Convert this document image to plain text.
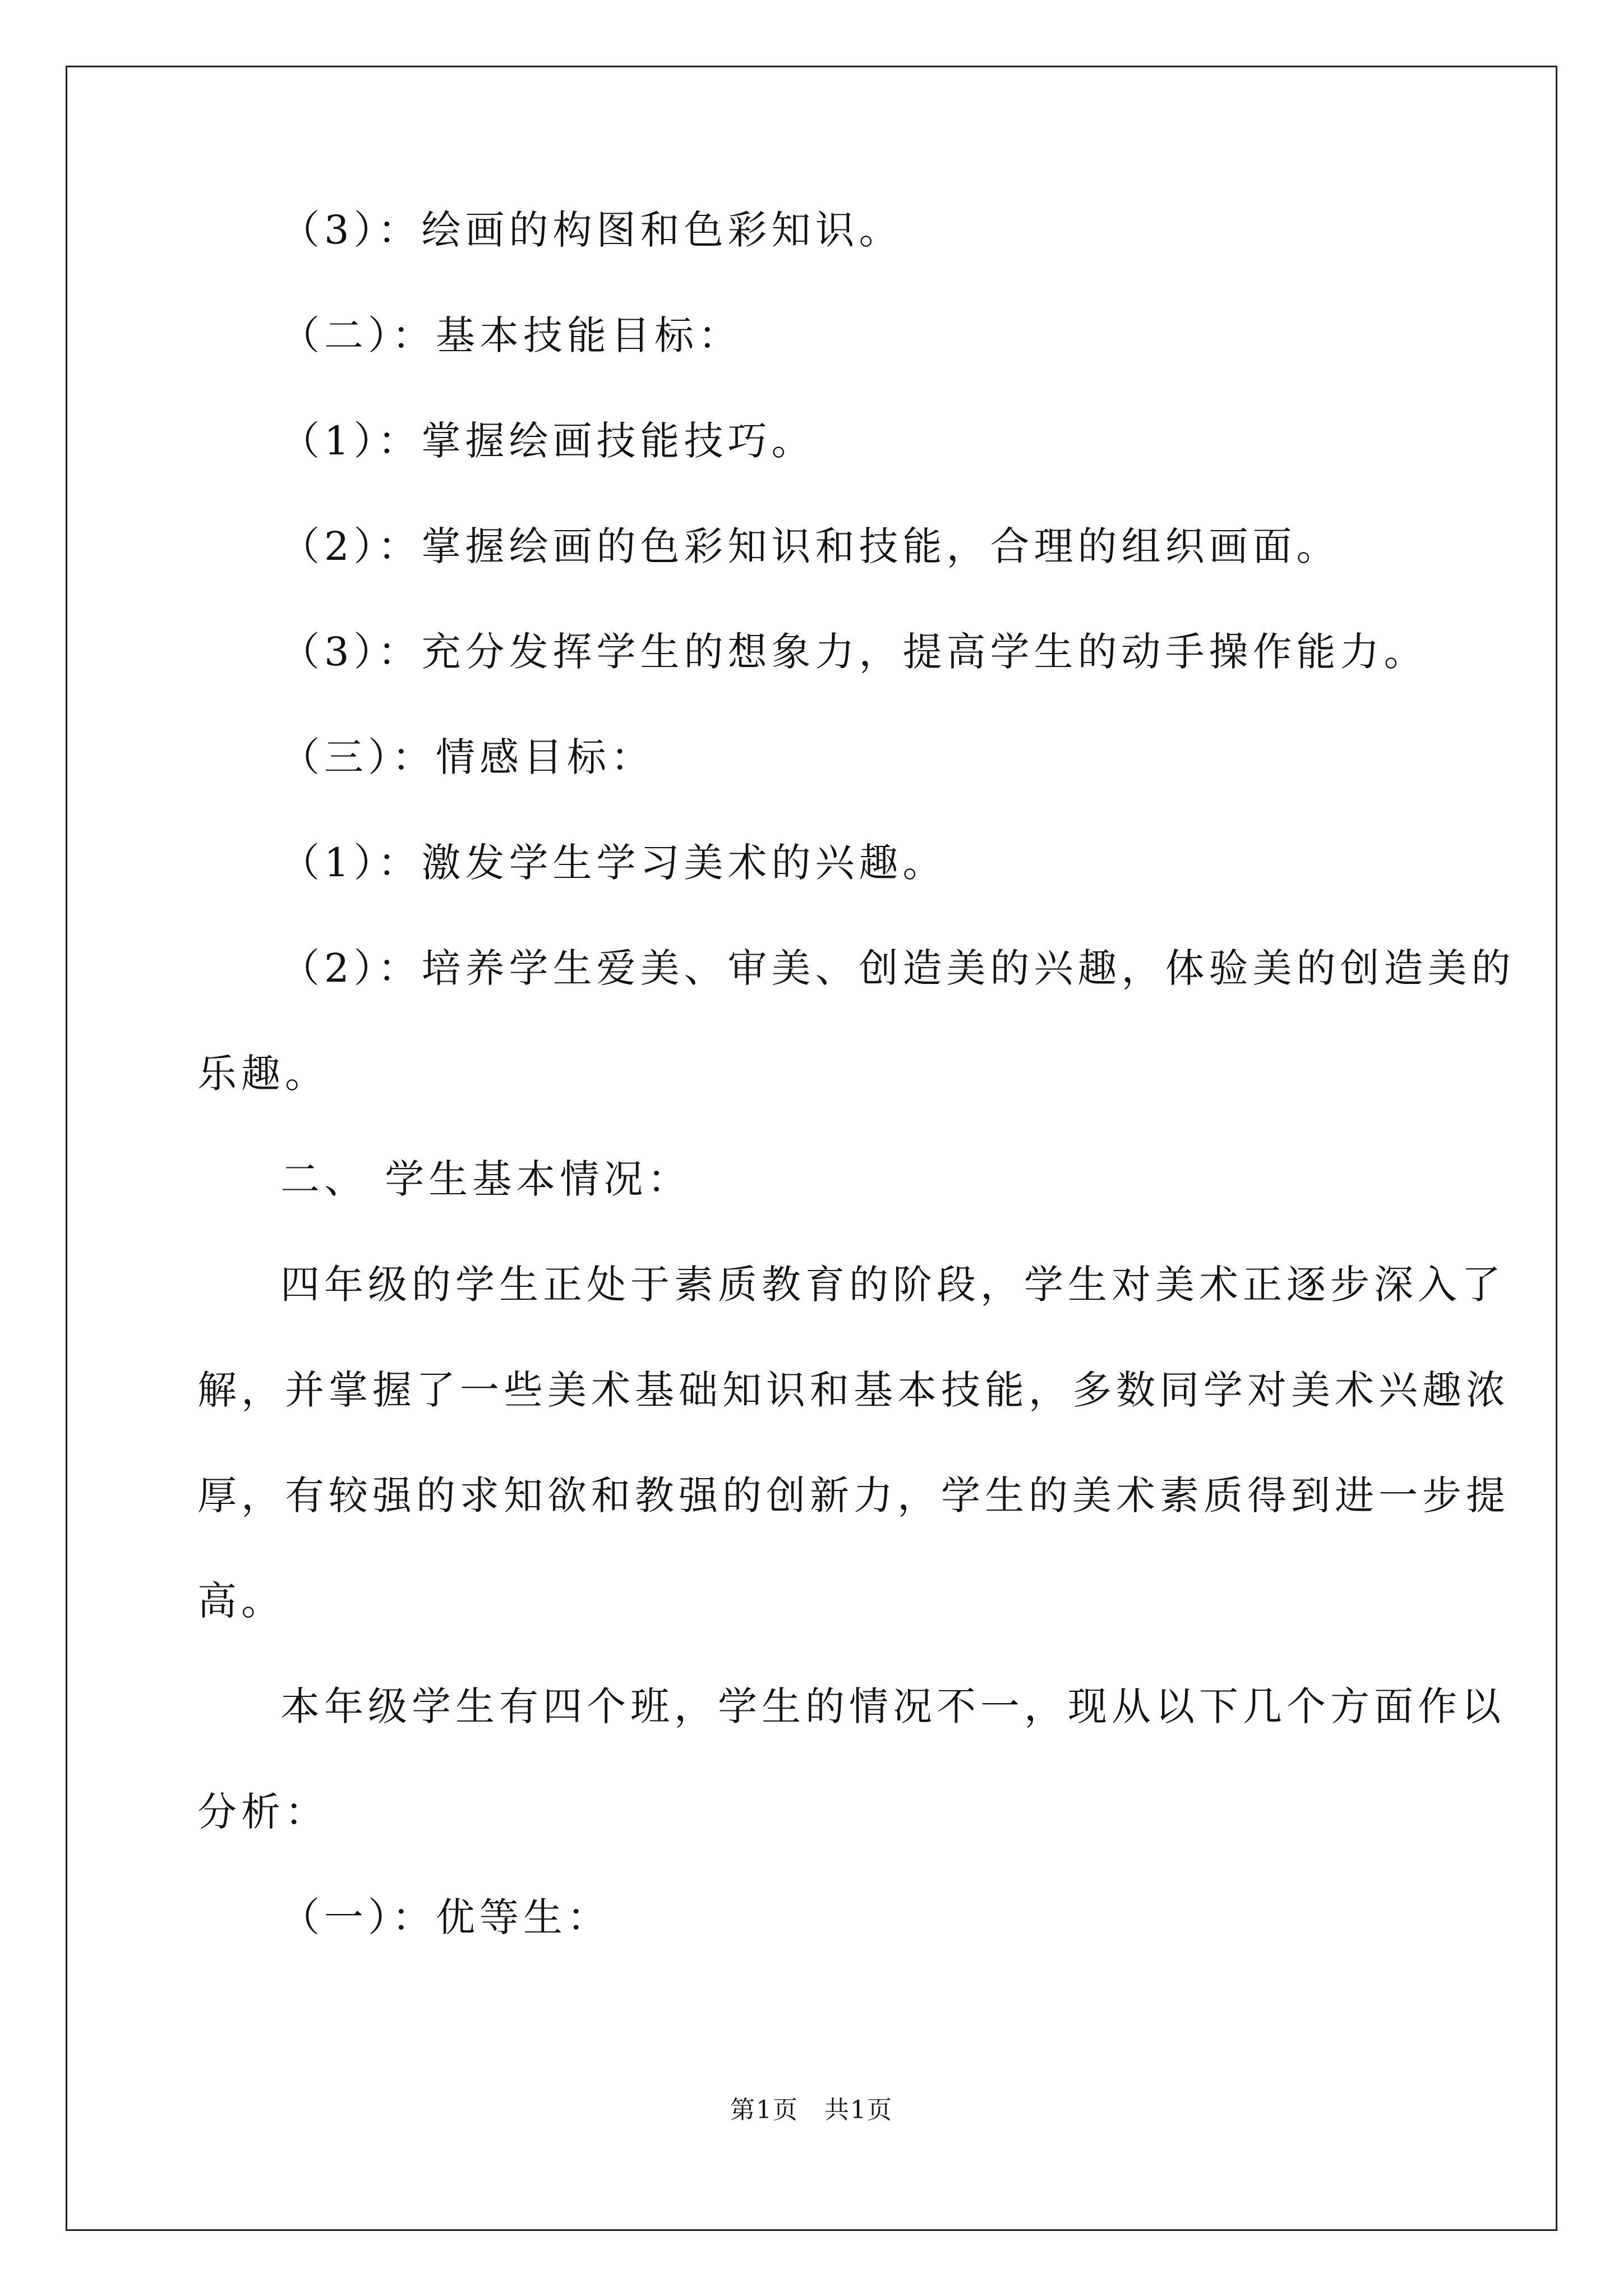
（3）：绘画的构图和色彩知识。
（二）：基本技能目标：
（1）：掌握绘画技能技巧。
（2）：掌握绘画的色彩知识和技能，合理的组织画面。
（3）：充分发挥学生的想象力，提高学生的动手操作能力。
（三）：情感目标：
（1）：激发学生学习美术的兴趣。
（2）：培养学生爱美、审美、创造美的兴趣，体验美的创造美的
乐趣。
二、 学生基本情况：
四年级的学生正处于素质教育的阶段，学生对美术正逐步深入了
解，并掌握了一些美术基础知识和基本技能，多数同学对美术兴趣浓
厚，有较强的求知欲和教强的创新力，学生的美术素质得到进一步提
高。
本年级学生有四个班，学生的情况不一，现从以下几个方面作以
分析：
（一）：优等生：
第1页　共1页
